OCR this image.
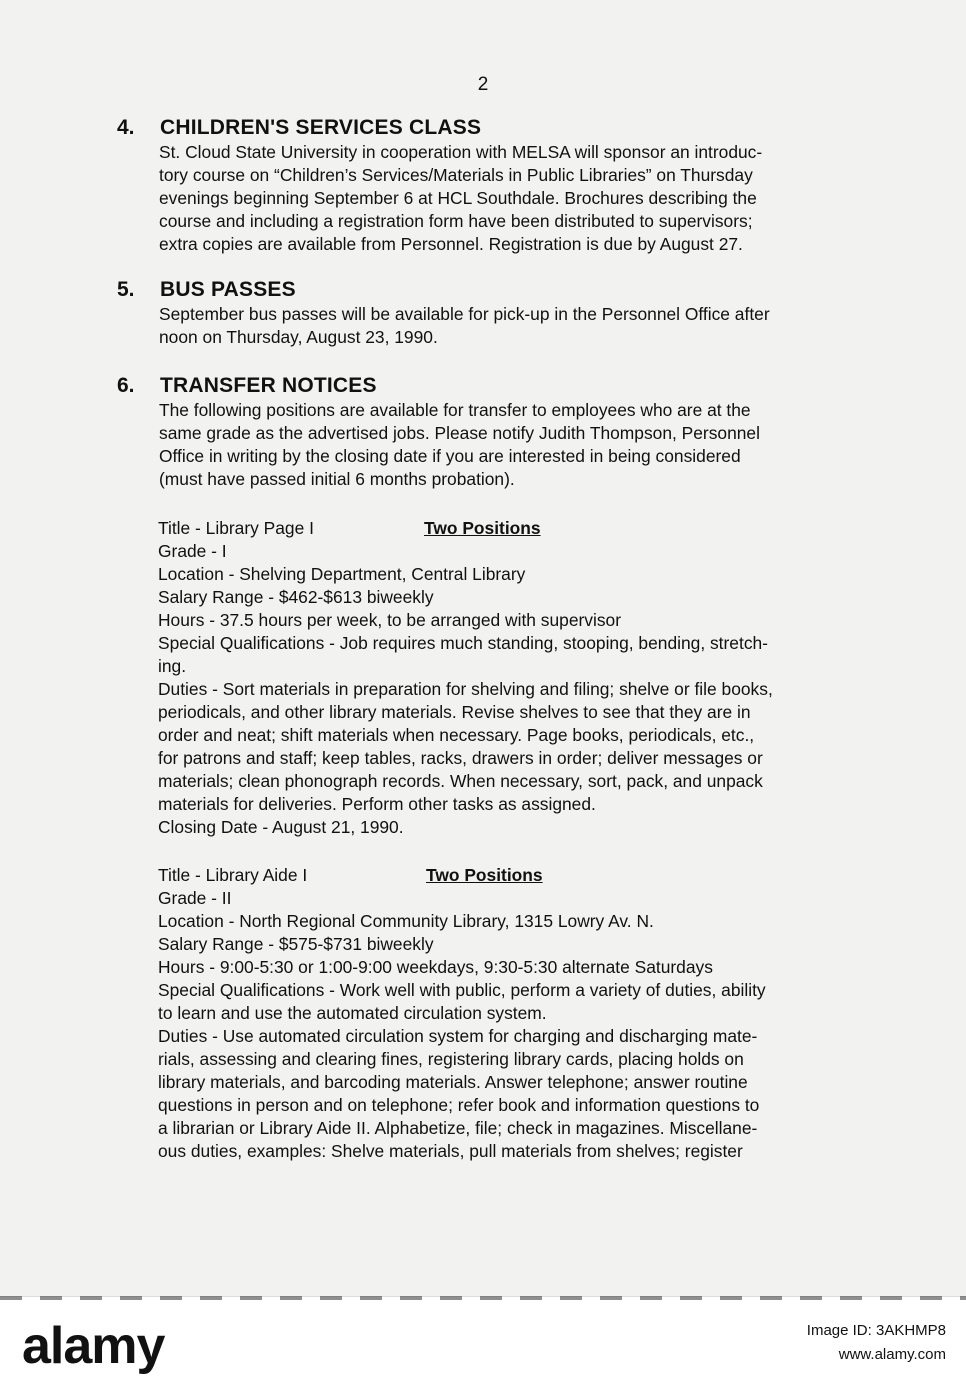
2
4.	CHILDREN'S SERVICES CLASS
St. Cloud State University in cooperation with MELSA will sponsor an introduc-
tory course on “Children’s Services/Materials in Public Libraries” on Thursday
evenings beginning September 6 at HCL Southdale. Brochures describing the
course and including a registration form have been distributed to supervisors;
extra copies are available from Personnel. Registration is due by August 27.
5.	BUS PASSES
September bus passes will be available for pick-up in the Personnel Office after
noon on Thursday, August 23, 1990.
6.	TRANSFER NOTICES
The following positions are available for transfer to employees who are at the
same grade as the advertised jobs. Please notify Judith Thompson, Personnel
Office in writing by the closing date if you are interested in being considered
(must have passed initial 6 months probation).
Title - Library Page I	Two Positions
Grade - I
Location - Shelving Department, Central Library
Salary Range - $462-$613 biweekly
Hours - 37.5 hours per week, to be arranged with supervisor
Special Qualifications - Job requires much standing, stooping, bending, stretch-
ing.
Duties - Sort materials in preparation for shelving and filing; shelve or file books,
periodicals, and other library materials. Revise shelves to see that they are in
order and neat; shift materials when necessary. Page books, periodicals, etc.,
for patrons and staff; keep tables, racks, drawers in order; deliver messages or
materials; clean phonograph records. When necessary, sort, pack, and unpack
materials for deliveries. Perform other tasks as assigned.
Closing Date - August 21, 1990.
Title - Library Aide I	Two Positions
Grade - II
Location - North Regional Community Library, 1315 Lowry Av. N.
Salary Range - $575-$731 biweekly
Hours - 9:00-5:30 or 1:00-9:00 weekdays, 9:30-5:30 alternate Saturdays
Special Qualifications - Work well with public, perform a variety of duties, ability
to learn and use the automated circulation system.
Duties - Use automated circulation system for charging and discharging mate-
rials, assessing and clearing fines, registering library cards, placing holds on
library materials, and barcoding materials. Answer telephone; answer routine
questions in person and on telephone; refer book and information questions to
a librarian or Library Aide II. Alphabetize, file; check in magazines. Miscellane-
ous duties, examples: Shelve materials, pull materials from shelves; register
alamy	Image ID: 3AKHMP8
www.alamy.com
